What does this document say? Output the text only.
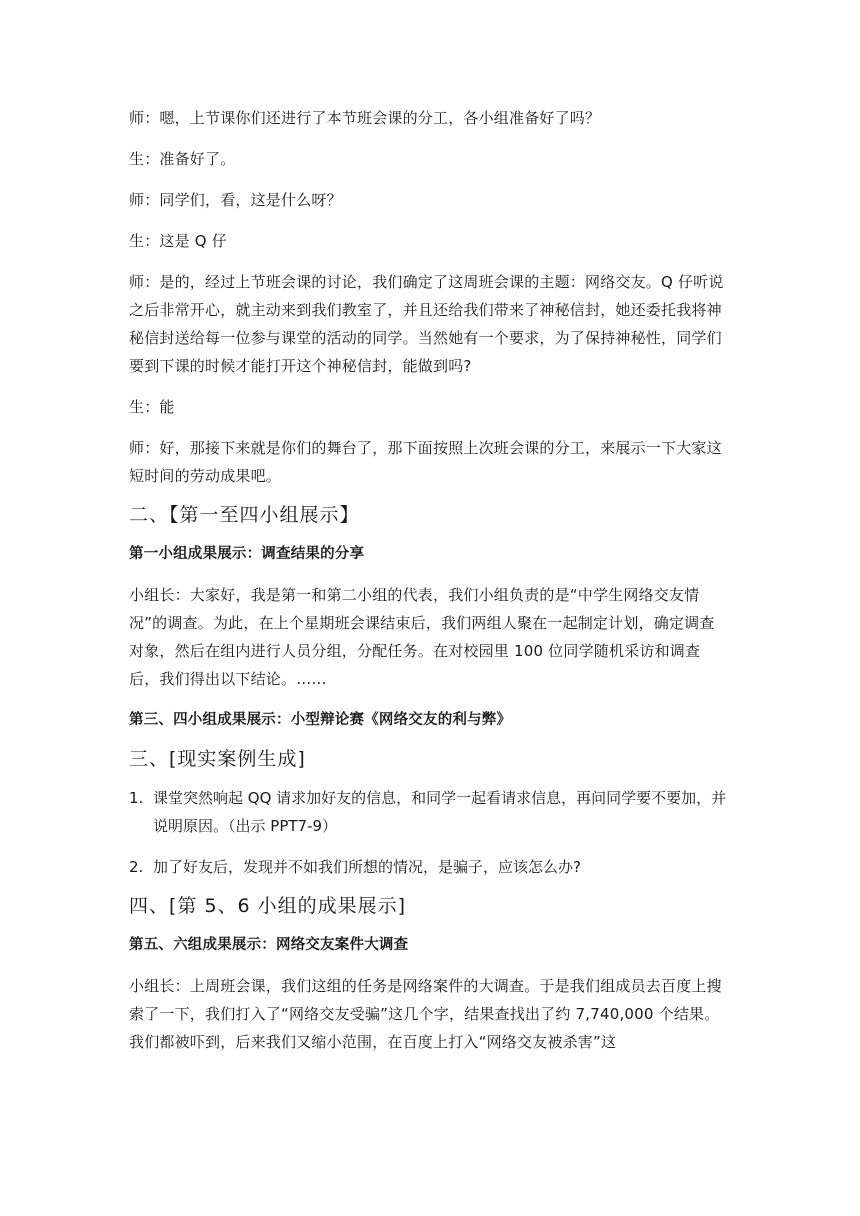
师：嗯，上节课你们还进行了本节班会课的分工，各小组准备好了吗？

生：准备好了。

师：同学们，看，这是什么呀？

生：这是 Q 仔

师：是的，经过上节班会课的讨论，我们确定了这周班会课的主题：网络交友。Q 仔听说之后非常开心，就主动来到我们教室了，并且还给我们带来了神秘信封，她还委托我将神秘信封送给每一位参与课堂的活动的同学。当然她有一个要求，为了保持神秘性，同学们要到下课的时候才能打开这个神秘信封，能做到吗?

生：能

师：好，那接下来就是你们的舞台了，那下面按照上次班会课的分工，来展示一下大家这短时间的劳动成果吧。

二、【第一至四小组展示】

第一小组成果展示：调查结果的分享

小组长：大家好，我是第一和第二小组的代表，我们小组负责的是“中学生网络交友情况”的调查。为此，在上个星期班会课结束后，我们两组人聚在一起制定计划，确定调查对象，然后在组内进行人员分组，分配任务。在对校园里 100 位同学随机采访和调查后，我们得出以下结论。……

第三、四小组成果展示：小型辩论赛《网络交友的利与弊》

三、[现实案例生成]
1. 课堂突然响起 QQ 请求加好友的信息，和同学一起看请求信息，再问同学要不要加，并说明原因。（出示 PPT7-9）
2. 加了好友后，发现并不如我们所想的情况，是骗子，应该怎么办?
四、[第 5、6 小组的成果展示]

第五、六组成果展示：网络交友案件大调查

小组长：上周班会课，我们这组的任务是网络案件的大调查。于是我们组成员去百度上搜索了一下，我们打入了“网络交友受骗”这几个字，结果查找出了约 7,740,000 个结果。我们都被吓到，后来我们又缩小范围，在百度上打入“网络交友被杀害”这
